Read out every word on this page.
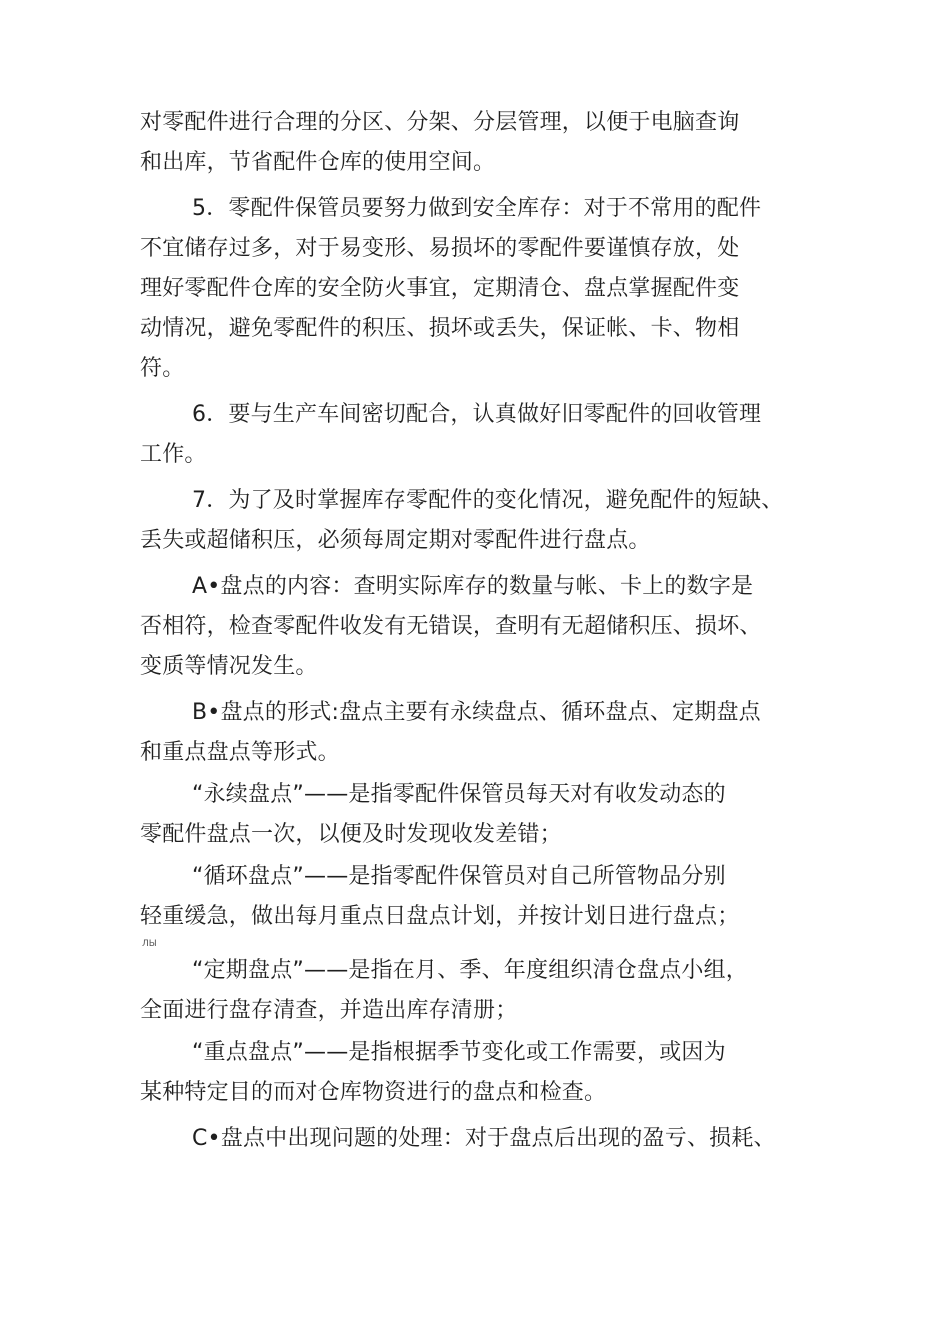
对零配件进行合理的分区、分架、分层管理，以便于电脑查询
和出库，节省配件仓库的使用空间。

5．零配件保管员要努力做到安全库存：对于不常用的配件
不宜储存过多，对于易变形、易损坏的零配件要谨慎存放，处
理好零配件仓库的安全防火事宜，定期清仓、盘点掌握配件变
动情况，避免零配件的积压、损坏或丢失，保证帐、卡、物相
符。

6．要与生产车间密切配合，认真做好旧零配件的回收管理
工作。

7．为了及时掌握库存零配件的变化情况，避免配件的短缺、
丢失或超储积压，必须每周定期对零配件进行盘点。

A•盘点的内容：查明实际库存的数量与帐、卡上的数字是
否相符，检查零配件收发有无错误，查明有无超储积压、损坏、
变质等情况发生。

B•盘点的形式:盘点主要有永续盘点、循环盘点、定期盘点
和重点盘点等形式。

“永续盘点”——是指零配件保管员每天对有收发动态的
零配件盘点一次，以便及时发现收发差错；

“循环盘点”——是指零配件保管员对自己所管物品分别
轻重缓急，做出每月重点日盘点计划，并按计划日进行盘点；

ЛЫ

“定期盘点”——是指在月、季、年度组织清仓盘点小组，
全面进行盘存清查，并造出库存清册；

“重点盘点”——是指根据季节变化或工作需要，或因为
某种特定目的而对仓库物资进行的盘点和检查。

C•盘点中出现问题的处理：对于盘点后出现的盈亏、损耗、
